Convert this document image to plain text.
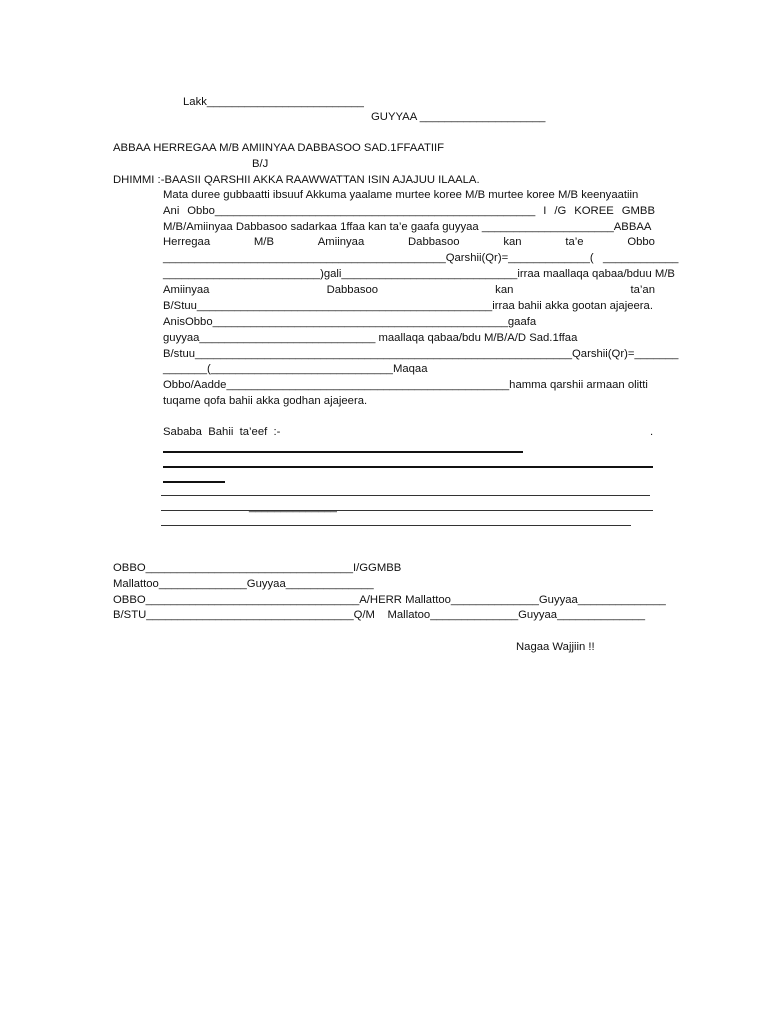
Lakk_________________________
GUYYAA ____________________
ABBAA HERREGAA M/B AMIINYAA DABBASOO SAD.1FFAATIIF
B/J
DHIMMI :-BAASII QARSHII AKKA RAAWWATTAN ISIN AJAJUU ILAALA.
Mata duree gubbaatti ibsuuf Akkuma yaalame murtee koree M/B murtee koree M/B keenyaatiin
Ani Obbo___________________________________________________ I /G KOREE GMBB
M/B/Amiinyaa Dabbasoo sadarkaa 1ffaa kan ta’e gaafa guyyaa _____________________ABBAA
Herregaa	M/B	Amiinyaa	Dabbasoo	kan	ta’e	Obbo
_____________________________________________Qarshii(Qr)=_____________(   ____________
_________________________)gali____________________________irraa maallaqa qabaa/bduu M/B
Amiinyaa	Dabbasoo	kan	ta’an
B/Stuu_______________________________________________irraa bahii akka gootan ajajeera.
AnisObbo_______________________________________________gaafa
guyyaa____________________________ maallaqa qabaa/bdu M/B/A/D Sad.1ffaa
B/stuu____________________________________________________________Qarshii(Qr)=_______
_______(_____________________________Maqaa
Obbo/Aadde_____________________________________________hamma qarshii armaan olitti
tuqame qofa bahii akka godhan ajajeera.
Sababa  Bahii  ta’eef  :-	.
______________
OBBO_________________________________I/GGMBB
Mallattoo______________Guyyaa______________
OBBO__________________________________A/HERR Mallattoo______________Guyyaa______________
B/STU_________________________________Q/M    Mallatoo______________Guyyaa______________
Nagaa Wajjiin !!
